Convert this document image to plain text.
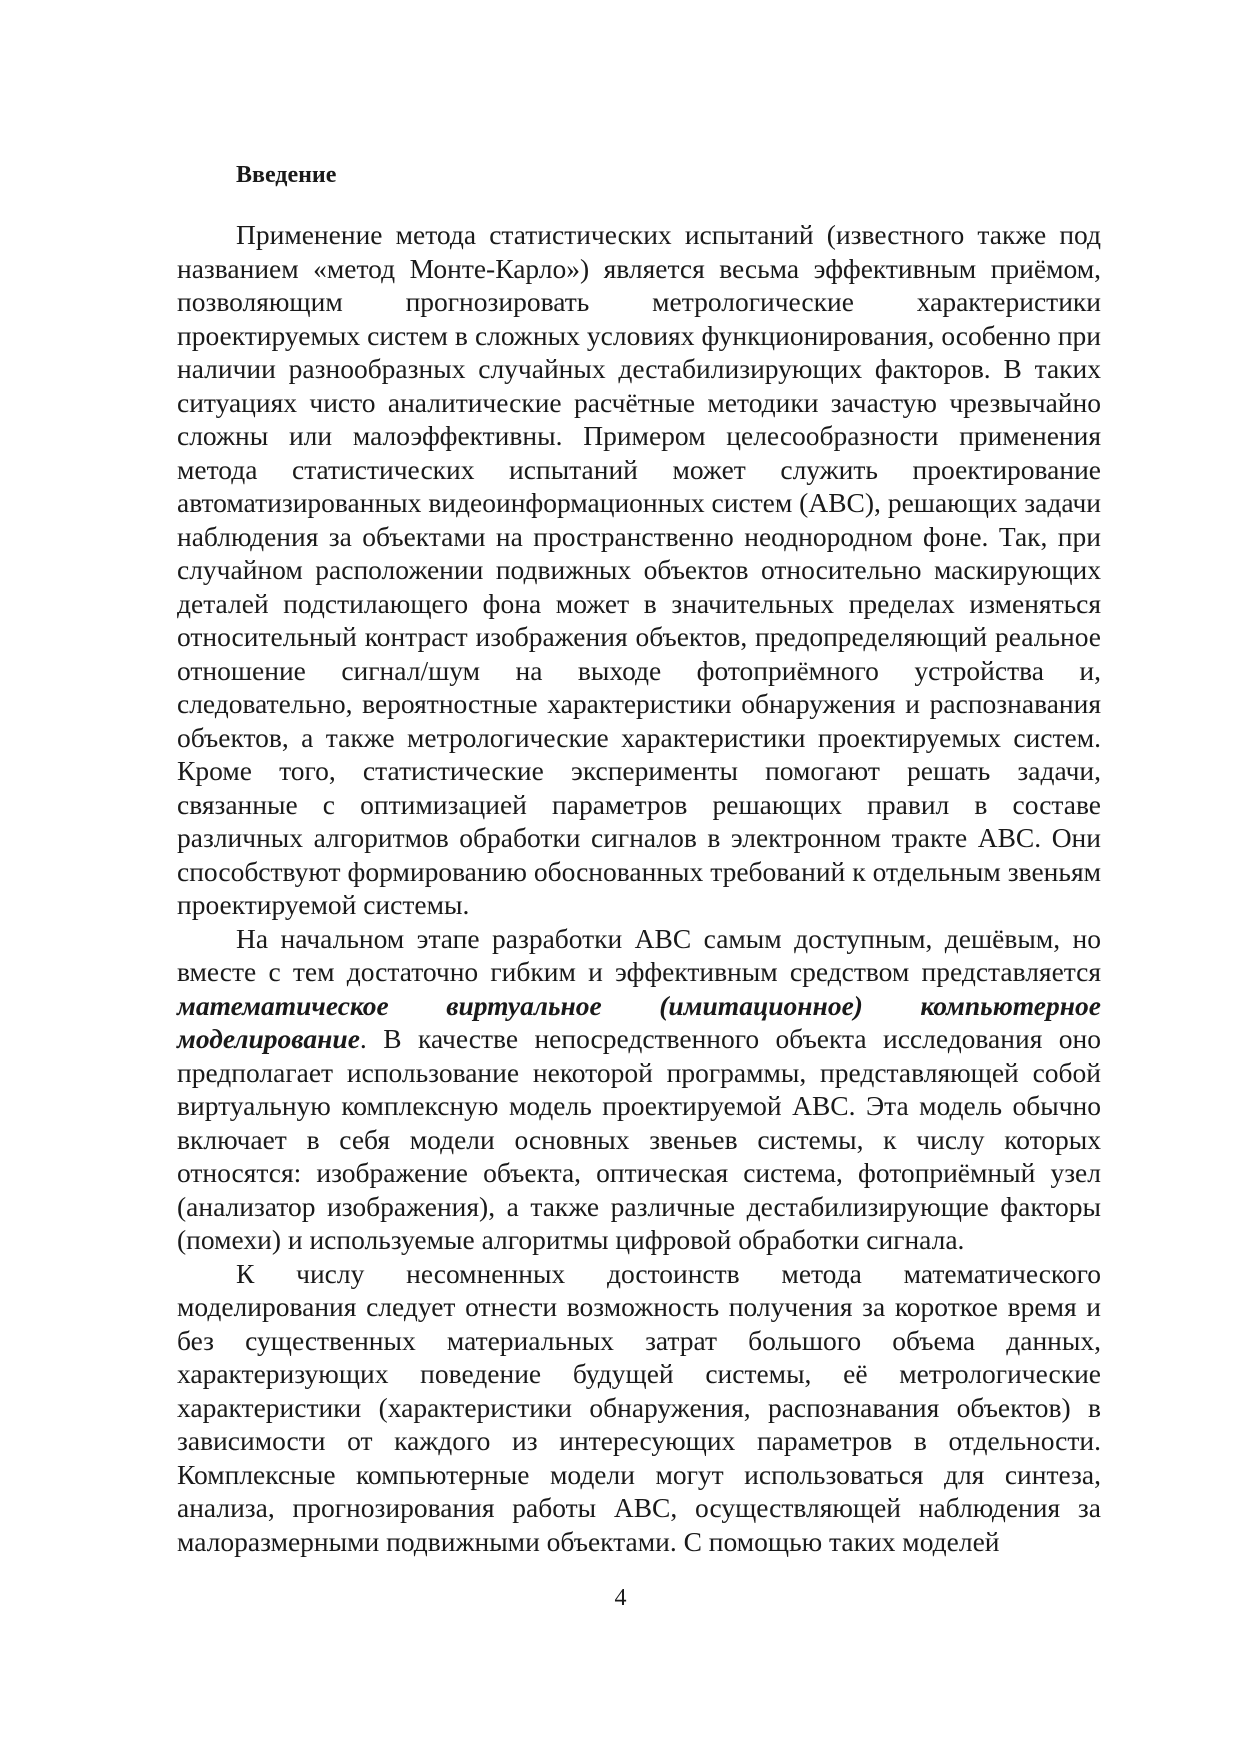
Введение

Применение метода статистических испытаний (известного также под названием «метод Монте-Карло») является весьма эффективным приёмом, позволяющим прогнозировать метрологические характеристики проектируемых систем в сложных условиях функционирования, особенно при наличии разнообразных случайных дестабилизирующих факторов. В таких ситуациях чисто аналитические расчётные методики зачастую чрезвычайно сложны или малоэффективны. Примером целесообразности применения метода статистических испытаний может служить проектирование автоматизированных видеоинформационных систем (АВС), решающих задачи наблюдения за объектами на пространственно неоднородном фоне. Так, при случайном расположении подвижных объектов относительно маскирующих деталей подстилающего фона может в значительных пределах изменяться относительный контраст изображения объектов, предопределяющий реальное отношение сигнал/шум на выходе фотоприёмного устройства и, следовательно, вероятностные характеристики обнаружения и распознавания объектов, а также метрологические характеристики проектируемых систем. Кроме того, статистические эксперименты помогают решать задачи, связанные с оптимизацией параметров решающих правил в составе различных алгоритмов обработки сигналов в электронном тракте АВС. Они способствуют формированию обоснованных требований к отдельным звеньям проектируемой системы.

На начальном этапе разработки АВС самым доступным, дешёвым, но вместе с тем достаточно гибким и эффективным средством представляется математическое виртуальное (имитационное) компьютерное моделирование. В качестве непосредственного объекта исследования оно предполагает использование некоторой программы, представляющей собой виртуальную комплексную модель проектируемой АВС. Эта модель обычно включает в себя модели основных звеньев системы, к числу которых относятся: изображение объекта, оптическая система, фотоприёмный узел (анализатор изображения), а также различные дестабилизирующие факторы (помехи) и используемые алгоритмы цифровой обработки сигнала.

К числу несомненных достоинств метода математического моделирования следует отнести возможность получения за короткое время и без существенных материальных затрат большого объема данных, характеризующих поведение будущей системы, её метрологические характеристики (характеристики обнаружения, распознавания объектов) в зависимости от каждого из интересующих параметров в отдельности. Комплексные компьютерные модели могут использоваться для синтеза, анализа, прогнозирования работы АВС, осуществляющей наблюдения за малоразмерными подвижными объектами. С помощью таких моделей

4
